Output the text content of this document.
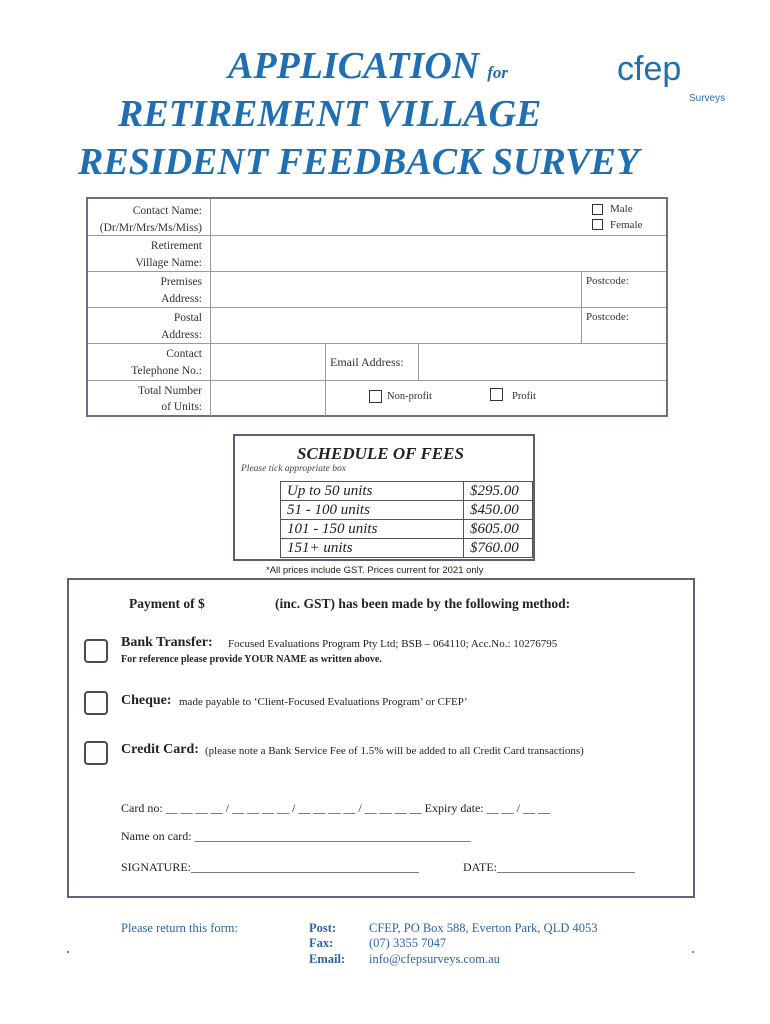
APPLICATION for
RETIREMENT VILLAGE
RESIDENT FEEDBACK SURVEY
cfep
Surveys
Contact Name:
(Dr/Mr/Mrs/Ms/Miss)
Male
Female
Retirement
Village Name:
Premises
Address:
Postcode:
Postal
Address:
Postcode:
Contact
Telephone No.:
Email Address:
Total Number
of Units:
Non-profit	Profit
SCHEDULE OF FEES
Please tick appropriate box
Up to 50 units	$295.00
51 - 100 units	$450.00
101 - 150 units	$605.00
151+ units	$760.00
*All prices include GST. Prices current for 2021 only
Payment of $	(inc. GST) has been made by the following method:
Bank Transfer: Focused Evaluations Program Pty Ltd; BSB – 064110; Acc.No.: 10276795
For reference please provide YOUR NAME as written above.
Cheque: made payable to ‘Client-Focused Evaluations Program’ or CFEP’
Credit Card: (please note a Bank Service Fee of 1.5% will be added to all Credit Card transactions)
Card no: __ __ __ __ / __ __ __ __ / __ __ __ __ / __ __ __ __ Expiry date: __ __ / __ __
Name on card: ______________________________________________
SIGNATURE:______________________________________	DATE:_______________________
Please return this form:	Post:	CFEP, PO Box 588, Everton Park, QLD 4053
Fax:	(07) 3355 7047
Email: info@cfepsurveys.com.au
